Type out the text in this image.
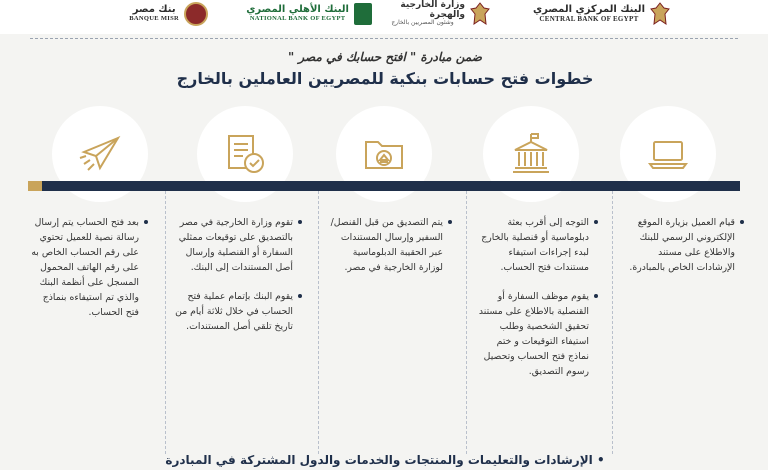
البنك المركزي المصري
CENTRAL BANK OF EGYPT
وزارة الخارجية والهجرة
وشئون المصريين بالخارج
البنك الأهلي المصري
NATIONAL BANK OF EGYPT
بنك مصر
BANQUE MISR
ضمن مبادرة " افتح حسابك في مصر "
خطوات فتح حسابات بنكية للمصريين العاملين بالخارج

قيام العميل بزيارة الموقع الإلكتروني الرسمي للبنك والاطلاع على مستند الإرشادات الخاص بالمبادرة.

التوجه إلى أقرب بعثة دبلوماسية أو قنصلية بالخارج لبدء إجراءات استيفاء مستندات فتح الحساب.

يقوم موظف السفارة أو القنصلية بالاطلاع على مستند تحقيق الشخصية وطلب استيفاء التوقيعات و ختم نماذج فتح الحساب وتحصيل رسوم التصديق.

يتم التصديق من قبل القنصل/السفير وإرسال المستندات عبر الحقيبة الدبلوماسية لوزارة الخارجية في مصر.

تقوم وزارة الخارجية في مصر بالتصديق على توقيعات ممثلي السفارة أو القنصلية وإرسال أصل المستندات إلى البنك.

يقوم البنك بإتمام عملية فتح الحساب في خلال ثلاثة أيام من تاريخ تلقي أصل المستندات.

بعد فتح الحساب يتم إرسال رسالة نصية للعميل تحتوي على رقم الحساب الخاص به على رقم الهاتف المحمول المسجل على أنظمة البنك والذي تم استيفاءه بنماذج فتح الحساب.

• الإرشادات والتعليمات والمنتجات والخدمات والدول المشتركة في المبادرة
